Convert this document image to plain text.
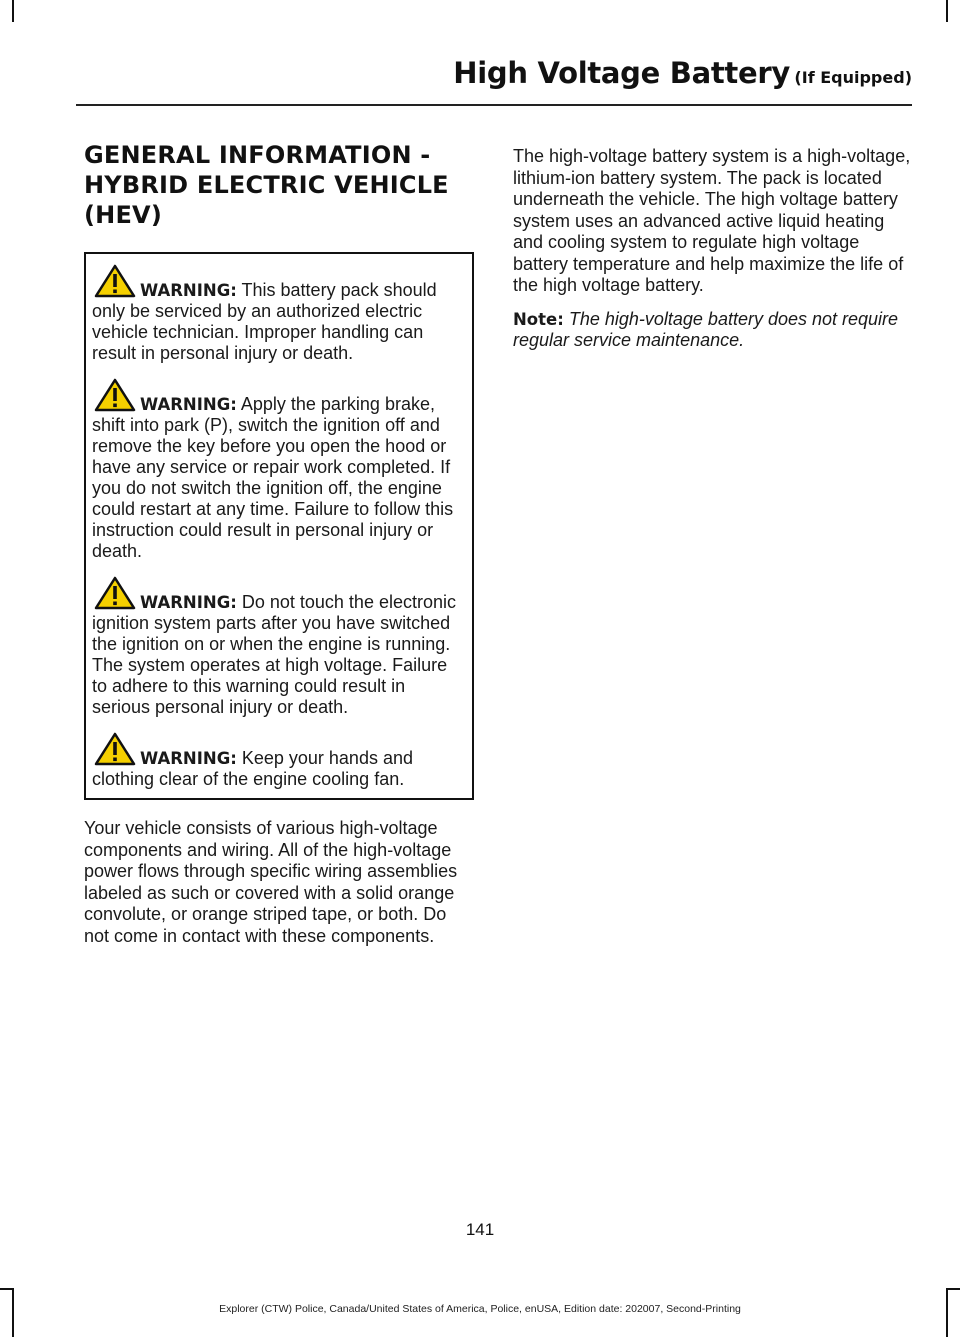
High Voltage Battery (If Equipped)
GENERAL INFORMATION -
HYBRID ELECTRIC VEHICLE
(HEV)
WARNING: This battery pack should only be serviced by an authorized electric vehicle technician. Improper handling can result in personal injury or death.
WARNING: Apply the parking brake, shift into park (P), switch the ignition off and remove the key before you open the hood or have any service or repair work completed. If you do not switch the ignition off, the engine could restart at any time. Failure to follow this instruction could result in personal injury or death.
WARNING: Do not touch the electronic ignition system parts after you have switched the ignition on or when the engine is running. The system operates at high voltage. Failure to adhere to this warning could result in serious personal injury or death.
WARNING: Keep your hands and clothing clear of the engine cooling fan.

Your vehicle consists of various high-voltage components and wiring. All of the high-voltage power flows through specific wiring assemblies labeled as such or covered with a solid orange convolute, or orange striped tape, or both. Do not come in contact with these components.

The high-voltage battery system is a high-voltage, lithium-ion battery system. The pack is located underneath the vehicle. The high voltage battery system uses an advanced active liquid heating and cooling system to regulate high voltage battery temperature and help maximize the life of the high voltage battery.

Note: The high-voltage battery does not require regular service maintenance.

141
Explorer (CTW) Police, Canada/United States of America, Police, enUSA, Edition date: 202007, Second-Printing
